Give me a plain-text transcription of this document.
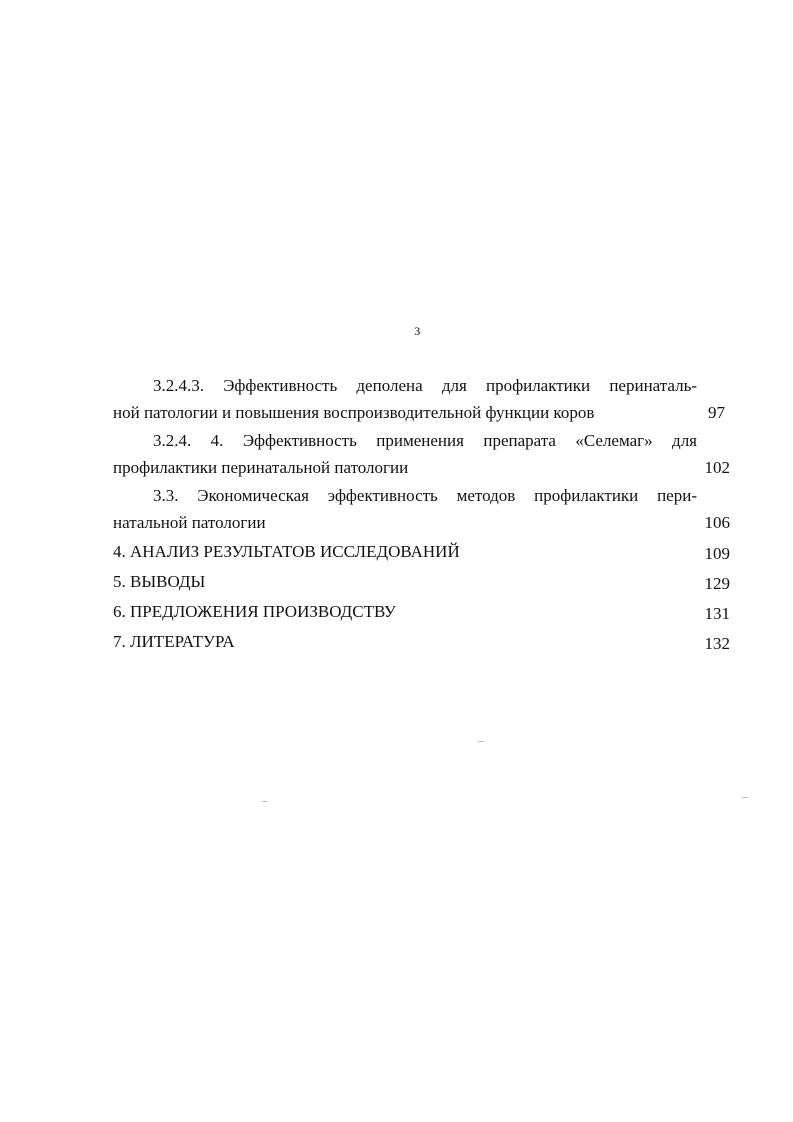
3
3.2.4.3. Эффективность деполена для профилактики перинаталь-
ной патологии и повышения воспроизводительной функции коров	97
3.2.4. 4. Эффективность применения препарата «Селемаг» для
профилактики перинатальной патологии	102
3.3. Экономическая эффективность методов профилактики пери-
натальной патологии	106
4. АНАЛИЗ РЕЗУЛЬТАТОВ ИССЛЕДОВАНИЙ	109
5. ВЫВОДЫ	129
6. ПРЕДЛОЖЕНИЯ ПРОИЗВОДСТВУ	131
7. ЛИТЕРАТУРА	132
